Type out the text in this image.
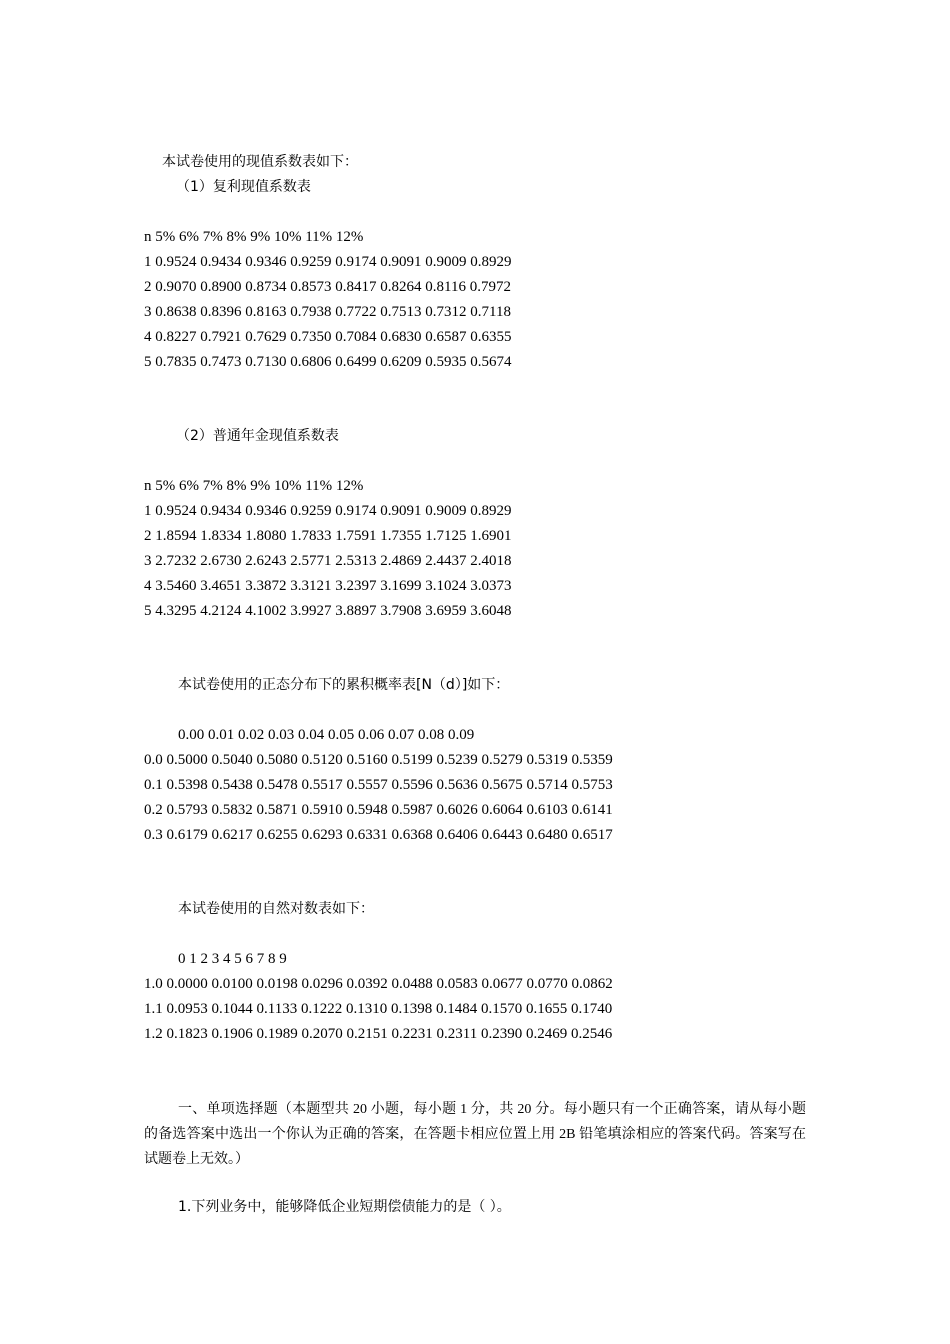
本试卷使用的现值系数表如下：
（1）复利现值系数表
n 5% 6% 7% 8% 9% 10% 11% 12%
1 0.9524 0.9434 0.9346 0.9259 0.9174 0.9091 0.9009 0.8929
2 0.9070 0.8900 0.8734 0.8573 0.8417 0.8264 0.8116 0.7972
3 0.8638 0.8396 0.8163 0.7938 0.7722 0.7513 0.7312 0.7118
4 0.8227 0.7921 0.7629 0.7350 0.7084 0.6830 0.6587 0.6355
5 0.7835 0.7473 0.7130 0.6806 0.6499 0.6209 0.5935 0.5674
（2）普通年金现值系数表
n 5% 6% 7% 8% 9% 10% 11% 12%
1 0.9524 0.9434 0.9346 0.9259 0.9174 0.9091 0.9009 0.8929
2 1.8594 1.8334 1.8080 1.7833 1.7591 1.7355 1.7125 1.6901
3 2.7232 2.6730 2.6243 2.5771 2.5313 2.4869 2.4437 2.4018
4 3.5460 3.4651 3.3872 3.3121 3.2397 3.1699 3.1024 3.0373
5 4.3295 4.2124 4.1002 3.9927 3.8897 3.7908 3.6959 3.6048
本试卷使用的正态分布下的累积概率表[N（d）]如下：
0.00 0.01 0.02 0.03 0.04 0.05 0.06 0.07 0.08 0.09
0.0 0.5000 0.5040 0.5080 0.5120 0.5160 0.5199 0.5239 0.5279 0.5319 0.5359
0.1 0.5398 0.5438 0.5478 0.5517 0.5557 0.5596 0.5636 0.5675 0.5714 0.5753
0.2 0.5793 0.5832 0.5871 0.5910 0.5948 0.5987 0.6026 0.6064 0.6103 0.6141
0.3 0.6179 0.6217 0.6255 0.6293 0.6331 0.6368 0.6406 0.6443 0.6480 0.6517
本试卷使用的自然对数表如下：
0 1 2 3 4 5 6 7 8 9
1.0 0.0000 0.0100 0.0198 0.0296 0.0392 0.0488 0.0583 0.0677 0.0770 0.0862
1.1 0.0953 0.1044 0.1133 0.1222 0.1310 0.1398 0.1484 0.1570 0.1655 0.1740
1.2 0.1823 0.1906 0.1989 0.2070 0.2151 0.2231 0.2311 0.2390 0.2469 0.2546
一、单项选择题（本题型共 20 小题，每小题 1 分，共 20 分。每小题只有一个正确答案，请从每小题的备选答案中选出一个你认为正确的答案，在答题卡相应位置上用 2B 铅笔填涂相应的答案代码。答案写在试题卷上无效。）
1.下列业务中，能够降低企业短期偿债能力的是（ ）。
